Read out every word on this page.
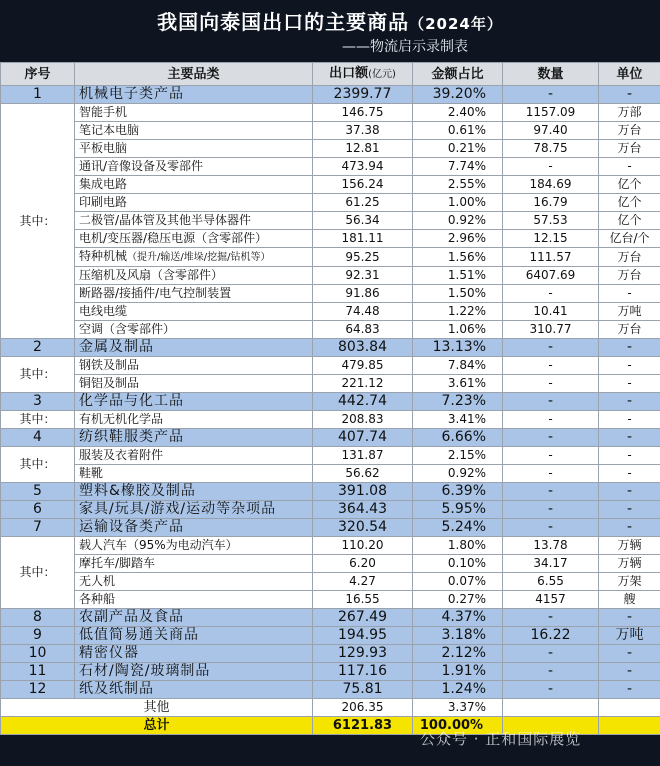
我国向泰国出口的主要商品（2024年）
——物流启示录制表
序号	主要品类	出口额(亿元)	金额占比	数量	单位
1	机械电子类产品	2399.77	39.20%	-	-
其中：	智能手机	146.75	2.40%	1157.09	万部
	笔记本电脑	37.38	0.61%	97.40	万台
	平板电脑	12.81	0.21%	78.75	万台
	通讯/音像设备及零部件	473.94	7.74%	-	-
	集成电路	156.24	2.55%	184.69	亿个
	印刷电路	61.25	1.00%	16.79	亿个
	二极管/晶体管及其他半导体器件	56.34	0.92%	57.53	亿个
	电机/变压器/稳压电源（含零部件）	181.11	2.96%	12.15	亿台/个
	特种机械（提升/输送/堆垛/挖掘/钻机等）	95.25	1.56%	111.57	万台
	压缩机及风扇（含零部件）	92.31	1.51%	6407.69	万台
	断路器/接插件/电气控制装置	91.86	1.50%	-	-
	电线电缆	74.48	1.22%	10.41	万吨
	空调（含零部件）	64.83	1.06%	310.77	万台
2	金属及制品	803.84	13.13%	-	-
其中：	钢铁及制品	479.85	7.84%	-	-
	铜铝及制品	221.12	3.61%	-	-
3	化学品与化工品	442.74	7.23%	-	-
其中：	有机无机化学品	208.83	3.41%	-	-
4	纺织鞋服类产品	407.74	6.66%	-	-
其中：	服装及衣着附件	131.87	2.15%	-	-
	鞋靴	56.62	0.92%	-	-
5	塑料&橡胶及制品	391.08	6.39%	-	-
6	家具/玩具/游戏/运动等杂项品	364.43	5.95%	-	-
7	运输设备类产品	320.54	5.24%	-	-
其中：	载人汽车（95%为电动汽车）	110.20	1.80%	13.78	万辆
	摩托车/脚踏车	6.20	0.10%	34.17	万辆
	无人机	4.27	0.07%	6.55	万架
	各种船	16.55	0.27%	4157	艘
8	农副产品及食品	267.49	4.37%	-	-
9	低值简易通关商品	194.95	3.18%	16.22	万吨
10	精密仪器	129.93	2.12%	-	-
11	石材/陶瓷/玻璃制品	117.16	1.91%	-	-
12	纸及纸制品	75.81	1.24%	-	-
其他		206.35	3.37%		
总计		6121.83	100.00%		
公众号 · 正和国际展览
